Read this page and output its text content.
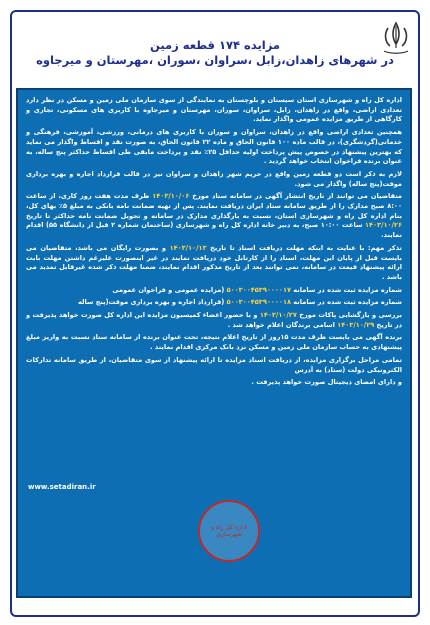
مزایده ۱۷۴ قطعه زمین
در شهرهای زاهدان،زابل ،سراوان ،سوران ،مهرستان و میرجاوه

اداره کل راه و شهرسازی استان سیستان و بلوچستان به نمایندگی از سوی سازمان ملی زمین و مسکن در نظر دارد تعدادی اراضی، واقع در زاهدان، زابل، سراوان، سوران، مهرستان و میرجاوه با کاربری های مسکونی، تجاری و کارگاهی از طریق مزایده عمومی واگذار نماید.

همچنین تعدادی اراضی واقع در زاهدان، سراوان و سوران با کاربری های درمانی، ورزشی، آموزشی، فرهنگی و خدماتی(گردشگری)، در قالب ماده ۱۰۰ قانون الحاق و ماده ۲۲ قانون الحاق، به صورت نقد و اقساط واگذار می نماید که بهترین پیشنهاد در خصوص پیش پرداخت اولیه حداقل ۲۵٪ نقد و پرداخت مابقی طی اقساط حداکثر پنج ساله، به عنوان برنده فراخوان انتخاب خواهد گردید .

لازم به ذکر است دو قطعه زمین واقع در حریم شهر زاهدان و سراوان نیز در قالب قرارداد اجاره و بهره برداری موقت(پنج ساله) واگذار می شود.

متقاضیان می توانند از تاریخ انتشار آگهی در سامانه ستاد مورخ ۱۴۰۳/۱۰/۰۶ ظرف مدت هفت روز کاری، از ساعت ۸:۰۰ صبح مدارک را از طریق سامانه ستاد ایران دریافت نمایند. پس از تهیه ضمانت نامه بانکی به مبلغ ۵٪ بهای کل، بنام اداره کل راه و شهرسازی استان، نسبت به بارگذاری مدارک در سامانه و تحویل ضمانت نامه حداکثر تا تاریخ ۱۴۰۳/۱۰/۲۶ ساعت ۱۰:۰۰ صبح، به دبیر خانه اداره کل راه و شهرسازی (ساختمان شماره ۲ قبل از دانشگاه ۵۵) اقدام نمایند.

تذکر مهم: با عنایت به اینکه مهلت دریافت اسناد تا تاریخ ۱۴۰۳/۱۰/۱۳ و بصورت رایگان می باشد، متقاضیان می بایست قبل از پایان این مهلت، اسناد را از کارتابل خود دریافت نمایند در غیر اینصورت علیرغم داشتن مهلت بابت ارائه پیشنهاد قیمت در سامانه، نمی توانند بعد از تاریخ مذکور اقدام نمایند، ضمنا مهلت ذکر شده غیرقابل تمدید می باشد .

شماره مزایده ثبت شده در سامانه ۵۰۰۳۰۰۴۵۳۹۰۰۰۰۱۷ (مزایده عمومی و فراخوان عمومی

شماره مزایده ثبت شده در سامانه ۵۰۰۳۰۰۴۵۳۹۰۰۰۰۱۸ (قرارداد اجاره و بهره برداری موقت(پنج ساله

بررسی و بازگشایی پاکات مورخ ۱۴۰۳/۱۰/۲۷ و با حضور اعضاء کمیسیون مزایده این اداره کل صورت خواهد پذیرفت و در تاریخ ۱۴۰۳/۱۰/۲۹ اسامی برندگان اعلام خواهد شد .

برنده آگهی می بایست ظرف مدت ۱۵روز از تاریخ اعلام نتیجه، تحت عنوان برنده از سامانه ستاد نسبت به واریز مبلغ پیشنهادی به حساب سازمان ملی زمین و مسکن نزد بانک مرکزی اقدام نمایند .

تمامی مراحل برگزاری مزایده، از دریافت اسناد مزایده تا ارائه پیشنهاد از سوی متقاضیان، از طریق سامانه تدارکات الکترونیکی دولت (ستاد) به آدرس

و دارای امضای دیجیتال صورت خواهد پذیرفت .

www.setadiran.ir
اداره کل راه و شهرسازی
